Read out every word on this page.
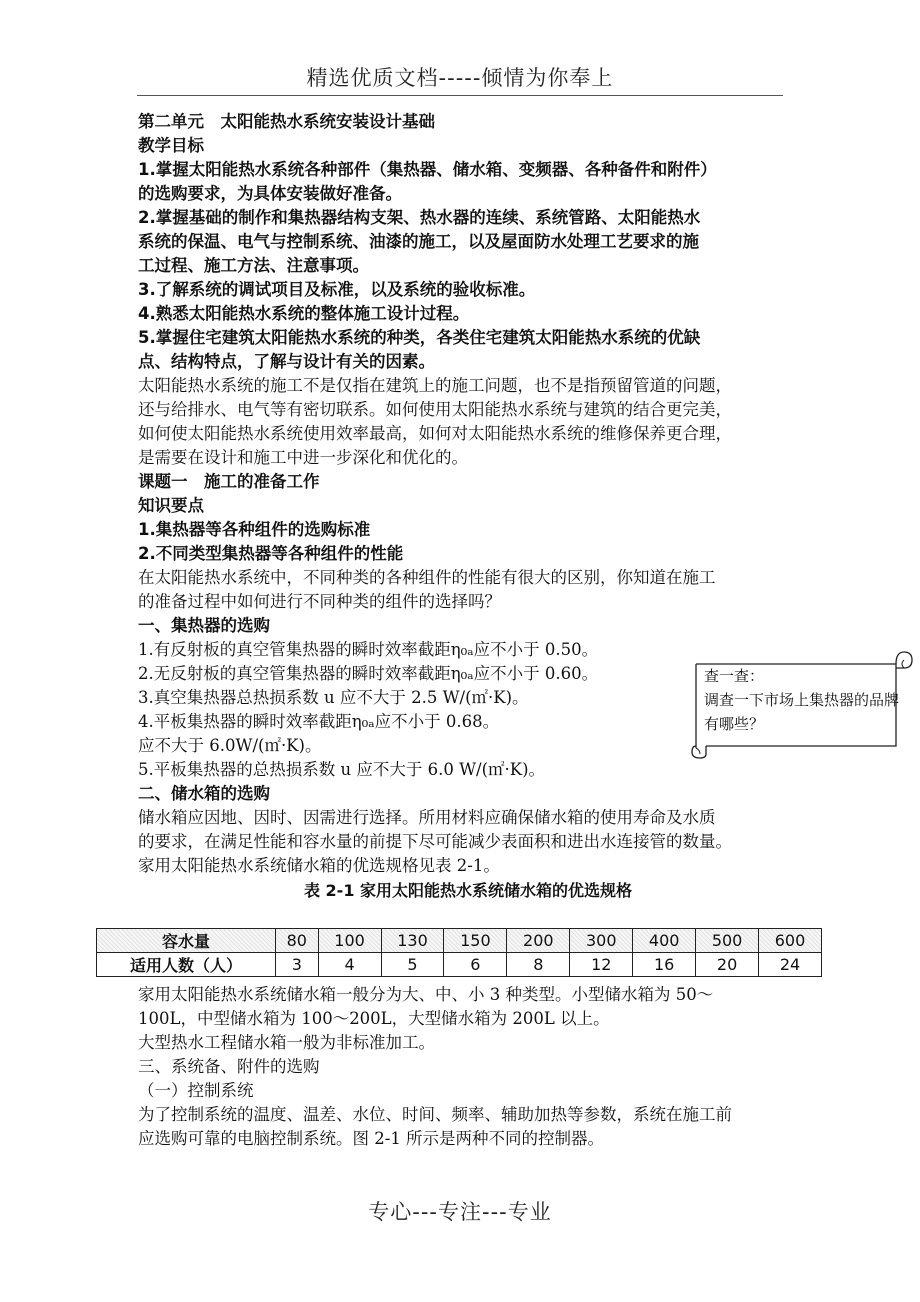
精选优质文档-----倾情为你奉上
第二单元　太阳能热水系统安装设计基础
教学目标
1.掌握太阳能热水系统各种部件（集热器、储水箱、变频器、各种备件和附件）
的选购要求，为具体安装做好准备。
2.掌握基础的制作和集热器结构支架、热水器的连续、系统管路、太阳能热水
系统的保温、电气与控制系统、油漆的施工，以及屋面防水处理工艺要求的施
工过程、施工方法、注意事项。
3.了解系统的调试项目及标准，以及系统的验收标准。
4.熟悉太阳能热水系统的整体施工设计过程。
5.掌握住宅建筑太阳能热水系统的种类，各类住宅建筑太阳能热水系统的优缺
点、结构特点，了解与设计有关的因素。
太阳能热水系统的施工不是仅指在建筑上的施工问题，也不是指预留管道的问题，
还与给排水、电气等有密切联系。如何使用太阳能热水系统与建筑的结合更完美，
如何使太阳能热水系统使用效率最高，如何对太阳能热水系统的维修保养更合理，
是需要在设计和施工中进一步深化和优化的。
课题一　施工的准备工作
知识要点
1.集热器等各种组件的选购标准
2.不同类型集热器等各种组件的性能
在太阳能热水系统中，不同种类的各种组件的性能有很大的区别，你知道在施工
的准备过程中如何进行不同种类的组件的选择吗？
一、集热器的选购
1.有反射板的真空管集热器的瞬时效率截距η₀ₐ应不小于 0.50。
2.无反射板的真空管集热器的瞬时效率截距η₀ₐ应不小于 0.60。
3.真空集热器总热损系数 u 应不大于 2.5 W/(㎡·K)。
4.平板集热器的瞬时效率截距η₀ₐ应不小于 0.68。
应不大于 6.0W/(㎡·K)。
5.平板集热器的总热损系数 u 应不大于 6.0 W/(㎡·K)。
二、储水箱的选购
储水箱应因地、因时、因需进行选择。所用材料应确保储水箱的使用寿命及水质
的要求，在满足性能和容水量的前提下尽可能减少表面积和进出水连接管的数量。
家用太阳能热水系统储水箱的优选规格见表 2-1。
表 2-1 家用太阳能热水系统储水箱的优选规格
查一查：
调查一下市场上集热器的品牌有哪些？
容水量	80	100	130	150	200	300	400	500	600
适用人数（人）	3	4	5	6	8	12	16	20	24
家用太阳能热水系统储水箱一般分为大、中、小 3 种类型。小型储水箱为 50～
100L，中型储水箱为 100～200L，大型储水箱为 200L 以上。
大型热水工程储水箱一般为非标准加工。
三、系统备、附件的选购
（一）控制系统
为了控制系统的温度、温差、水位、时间、频率、辅助加热等参数，系统在施工前
应选购可靠的电脑控制系统。图 2-1 所示是两种不同的控制器。
专心---专注---专业
